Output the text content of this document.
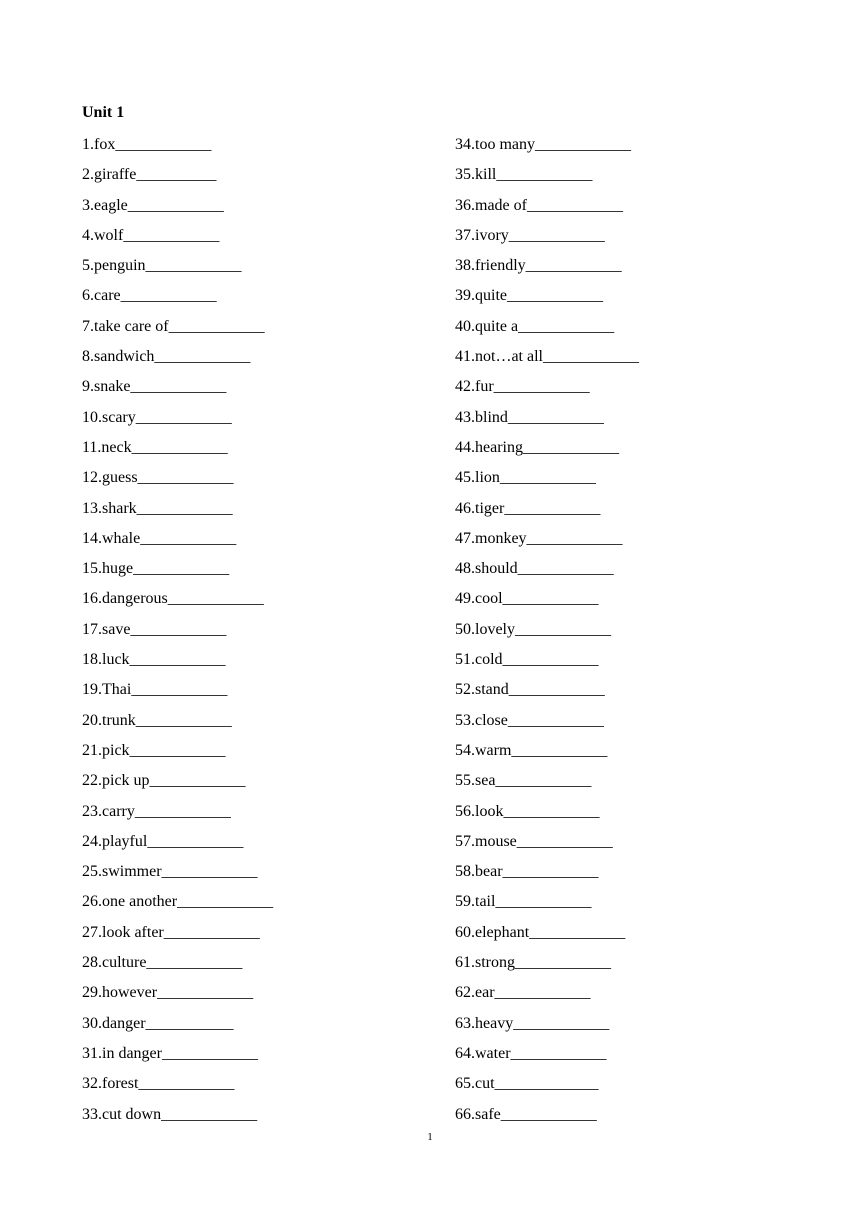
Unit 1
1.fox____________
2.giraffe__________
3.eagle____________
4.wolf____________
5.penguin____________
6.care____________
7.take care of____________
8.sandwich____________
9.snake____________
10.scary____________
11.neck____________
12.guess____________
13.shark____________
14.whale____________
15.huge____________
16.dangerous____________
17.save____________
18.luck____________
19.Thai____________
20.trunk____________
21.pick____________
22.pick up____________
23.carry____________
24.playful____________
25.swimmer____________
26.one another____________
27.look after____________
28.culture____________
29.however____________
30.danger___________
31.in danger____________
32.forest____________
33.cut down____________
34.too many____________
35.kill____________
36.made of____________
37.ivory____________
38.friendly____________
39.quite____________
40.quite a____________
41.not…at all____________
42.fur____________
43.blind____________
44.hearing____________
45.lion____________
46.tiger____________
47.monkey____________
48.should____________
49.cool____________
50.lovely____________
51.cold____________
52.stand____________
53.close____________
54.warm____________
55.sea____________
56.look____________
57.mouse____________
58.bear____________
59.tail____________
60.elephant____________
61.strong____________
62.ear____________
63.heavy____________
64.water____________
65.cut_____________
66.safe____________
1
